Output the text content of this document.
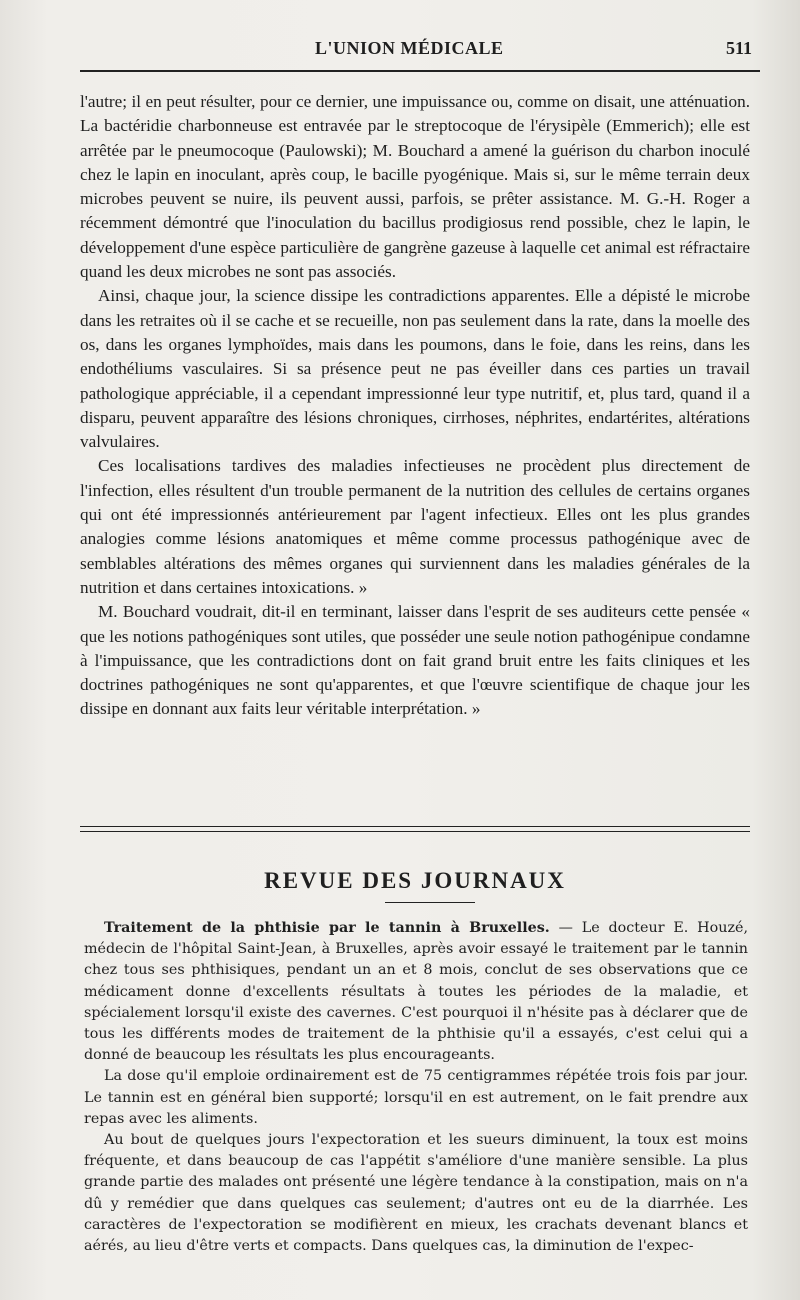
L'UNION MÉDICALE	511

l'autre; il en peut résulter, pour ce dernier, une impuissance ou, comme on disait, une atténuation. La bactéridie charbonneuse est entravée par le streptocoque de l'érysipèle (Emmerich); elle est arrêtée par le pneumocoque (Paulowski); M. Bouchard a amené la guérison du charbon inoculé chez le lapin en inoculant, après coup, le bacille pyogénique. Mais si, sur le même terrain deux microbes peuvent se nuire, ils peuvent aussi, parfois, se prêter assistance. M. G.-H. Roger a récemment démontré que l'inoculation du bacillus prodigiosus rend possible, chez le lapin, le développement d'une espèce particulière de gangrène gazeuse à laquelle cet animal est réfractaire quand les deux microbes ne sont pas associés.

Ainsi, chaque jour, la science dissipe les contradictions apparentes. Elle a dépisté le microbe dans les retraites où il se cache et se recueille, non pas seulement dans la rate, dans la moelle des os, dans les organes lymphoïdes, mais dans les poumons, dans le foie, dans les reins, dans les endothéliums vasculaires. Si sa présence peut ne pas éveiller dans ces parties un travail pathologique appréciable, il a cependant impressionné leur type nutritif, et, plus tard, quand il a disparu, peuvent apparaître des lésions chroniques, cirrhoses, néphrites, endartérites, altérations valvulaires.

Ces localisations tardives des maladies infectieuses ne procèdent plus directement de l'infection, elles résultent d'un trouble permanent de la nutrition des cellules de certains organes qui ont été impressionnés antérieurement par l'agent infectieux. Elles ont les plus grandes analogies comme lésions anatomiques et même comme processus pathogénique avec de semblables altérations des mêmes organes qui surviennent dans les maladies générales de la nutrition et dans certaines intoxications. »

M. Bouchard voudrait, dit-il en terminant, laisser dans l'esprit de ses auditeurs cette pensée « que les notions pathogéniques sont utiles, que posséder une seule notion pathogénipue condamne à l'impuissance, que les contradictions dont on fait grand bruit entre les faits cliniques et les doctrines pathogéniques ne sont qu'apparentes, et que l'œuvre scientifique de chaque jour les dissipe en donnant aux faits leur véritable interprétation. »

REVUE DES JOURNAUX

Traitement de la phthisie par le tannin à Bruxelles. — Le docteur E. Houzé, médecin de l'hôpital Saint-Jean, à Bruxelles, après avoir essayé le traitement par le tannin chez tous ses phthisiques, pendant un an et 8 mois, conclut de ses observations que ce médicament donne d'excellents résultats à toutes les périodes de la maladie, et spécialement lorsqu'il existe des cavernes. C'est pourquoi il n'hésite pas à déclarer que de tous les différents modes de traitement de la phthisie qu'il a essayés, c'est celui qui a donné de beaucoup les résultats les plus encourageants.

La dose qu'il emploie ordinairement est de 75 centigrammes répétée trois fois par jour. Le tannin est en général bien supporté; lorsqu'il en est autrement, on le fait prendre aux repas avec les aliments.

Au bout de quelques jours l'expectoration et les sueurs diminuent, la toux est moins fréquente, et dans beaucoup de cas l'appétit s'améliore d'une manière sensible. La plus grande partie des malades ont présenté une légère tendance à la constipation, mais on n'a dû y remédier que dans quelques cas seulement; d'autres ont eu de la diarrhée. Les caractères de l'expectoration se modifièrent en mieux, les crachats devenant blancs et aérés, au lieu d'être verts et compacts. Dans quelques cas, la diminution de l'expec-
